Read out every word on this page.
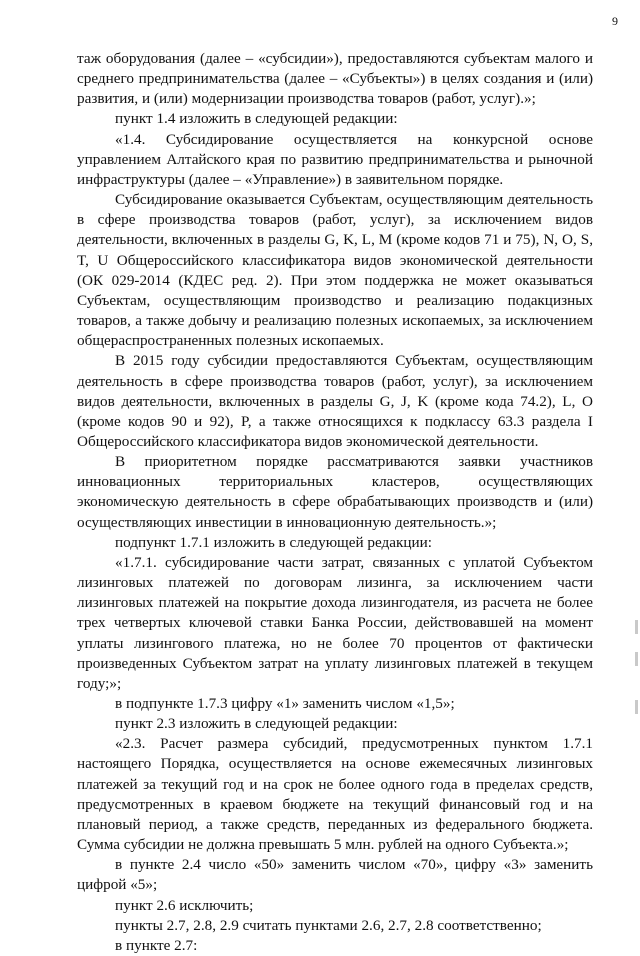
9

таж оборудования (далее – «субсидии»), предоставляются субъектам малого и среднего предпринимательства (далее – «Субъекты») в целях создания и (или) развития, и (или) модернизации производства товаров (работ, услуг).»;

пункт 1.4 изложить в следующей редакции:

«1.4. Субсидирование осуществляется на конкурсной основе управлением Алтайского края по развитию предпринимательства и рыночной инфраструктуры (далее – «Управление») в заявительном порядке.

Субсидирование оказывается Субъектам, осуществляющим деятельность в сфере производства товаров (работ, услуг), за исключением видов деятельности, включенных в разделы G, K, L, M (кроме кодов 71 и 75), N, O, S, T, U Общероссийского классификатора видов экономической деятельности (ОК 029-2014 (КДЕС ред. 2). При этом поддержка не может оказываться Субъектам, осуществляющим производство и реализацию подакцизных товаров, а также добычу и реализацию полезных ископаемых, за исключением общераспространенных полезных ископаемых.

В 2015 году субсидии предоставляются Субъектам, осуществляющим деятельность в сфере производства товаров (работ, услуг), за исключением видов деятельности, включенных в разделы G, J, K (кроме кода 74.2), L, O (кроме кодов 90 и 92), P, а также относящихся к подклассу 63.3 раздела I Общероссийского классификатора видов экономической деятельности.

В приоритетном порядке рассматриваются заявки участников инновационных территориальных кластеров, осуществляющих экономическую деятельность в сфере обрабатывающих производств и (или) осуществляющих инвестиции в инновационную деятельность.»;

подпункт 1.7.1 изложить в следующей редакции:

«1.7.1. субсидирование части затрат, связанных с уплатой Субъектом лизинговых платежей по договорам лизинга, за исключением части лизинговых платежей на покрытие дохода лизингодателя, из расчета не более трех четвертых ключевой ставки Банка России, действовавшей на момент уплаты лизингового платежа, но не более 70 процентов от фактически произведенных Субъектом затрат на уплату лизинговых платежей в текущем году;»;

в подпункте 1.7.3 цифру «1» заменить числом «1,5»;

пункт 2.3 изложить в следующей редакции:

«2.3. Расчет размера субсидий, предусмотренных пунктом 1.7.1 настоящего Порядка, осуществляется на основе ежемесячных лизинговых платежей за текущий год и на срок не более одного года в пределах средств, предусмотренных в краевом бюджете на текущий финансовый год и на плановый период, а также средств, переданных из федерального бюджета. Сумма субсидии не должна превышать 5 млн. рублей на одного Субъекта.»;

в пункте 2.4 число «50» заменить числом «70», цифру «3» заменить цифрой «5»;

пункт 2.6 исключить;

пункты 2.7, 2.8, 2.9 считать пунктами 2.6, 2.7, 2.8 соответственно;

в пункте 2.7:
